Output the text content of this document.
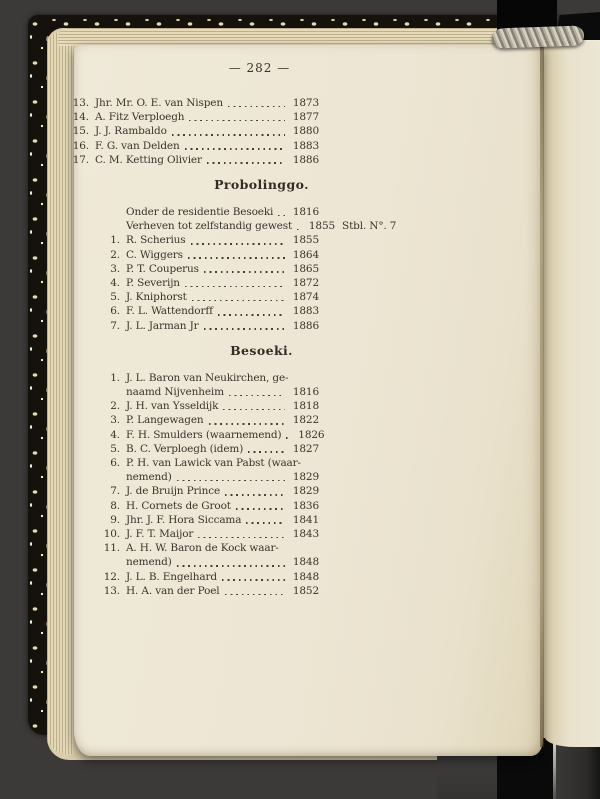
— 282 —
13. Jhr. Mr. O. E. van Nispen	1873
14. A. Fitz Verploegh	1877
15. J. J. Rambaldo	1880
16. F. G. van Delden	1883
17. C. M. Ketting Olivier	1886
Probolinggo.
Onder de residentie Besoeki	1816
Verheven tot zelfstandig gewest	1855 Stbl. N°. 7
1. R. Scherius	1855
2. C. Wiggers	1864
3. P. T. Couperus	1865
4. P. Severijn	1872
5. J. Kniphorst	1874
6. F. L. Wattendorff	1883
7. J. L. Jarman Jr	1886
Besoeki.
1. J. L. Baron van Neukirchen, ge-
naamd Nijvenheim	1816
2. J. H. van Ysseldijk	1818
3. P. Langewagen	1822
4. F. H. Smulders (waarnemend)	1826
5. B. C. Verploegh (idem)	1827
6. P. H. van Lawick van Pabst (waar-
nemend)	1829
7. J. de Bruijn Prince	1829
8. H. Cornets de Groot	1836
9. Jhr. J. F. Hora Siccama	1841
10. J. F. T. Maijor	1843
11. A. H. W. Baron de Kock waar-
nemend)	1848
12. J. L. B. Engelhard	1848
13. H. A. van der Poel	1852
